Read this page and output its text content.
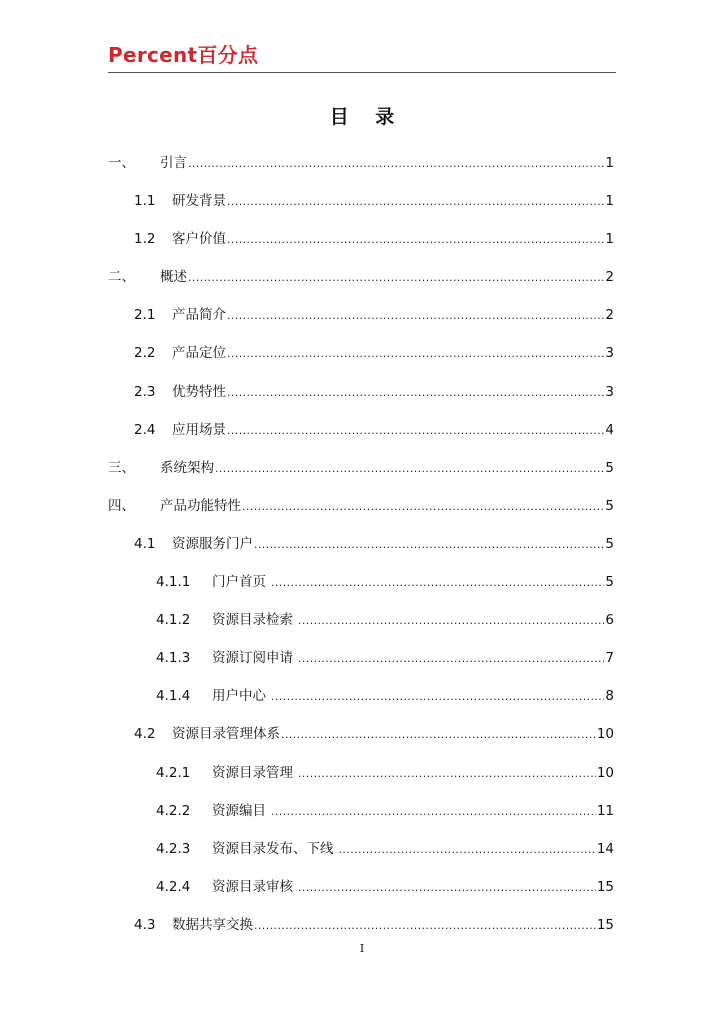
Percent百分点
目 录
一、	引言 .....	1
1.1	研发背景 .....	1
1.2	客户价值 .....	1
二、	概述 .....	2
2.1	产品简介 .....	2
2.2	产品定位 .....	3
2.3	优势特性 .....	3
2.4	应用场景 .....	4
三、	系统架构 .....	5
四、	产品功能特性 .....	5
4.1	资源服务门户 .....	5
4.1.1	门户首页 .....	5
4.1.2	资源目录检索 .....	6
4.1.3	资源订阅申请 .....	7
4.1.4	用户中心 .....	8
4.2	资源目录管理体系 .....	10
4.2.1	资源目录管理 .....	10
4.2.2	资源编目 .....	11
4.2.3	资源目录发布、下线 .....	14
4.2.4	资源目录审核 .....	15
4.3	数据共享交换 .....	15
I
